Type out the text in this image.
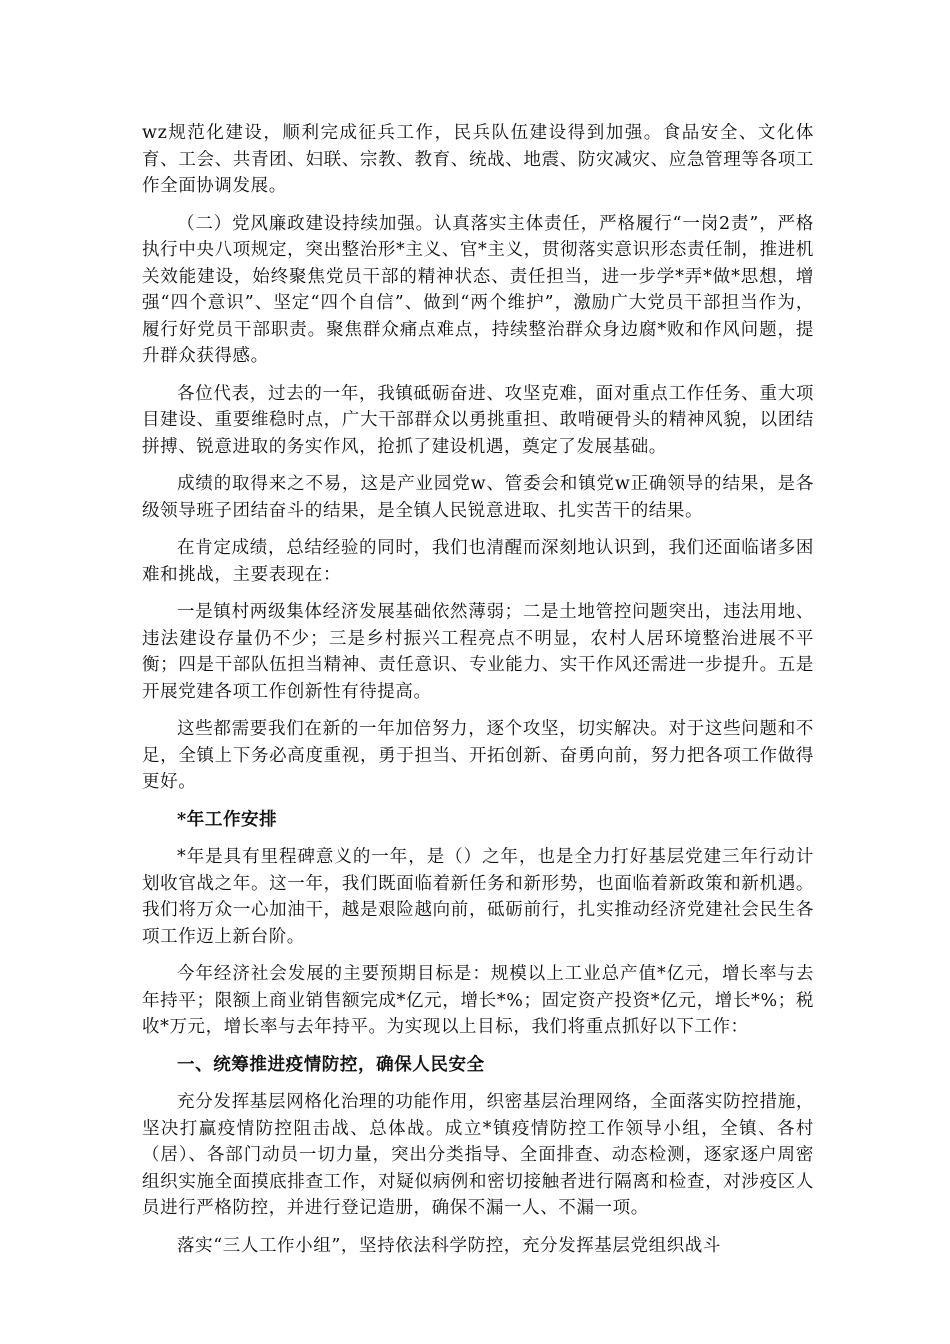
wz规范化建设，顺利完成征兵工作，民兵队伍建设得到加强。食品安全、文化体育、工会、共青团、妇联、宗教、教育、统战、地震、防灾减灾、应急管理等各项工作全面协调发展。

（二）党风廉政建设持续加强。认真落实主体责任，严格履行“一岗2责”，严格执行中央八项规定，突出整治形*主义、官*主义，贯彻落实意识形态责任制，推进机关效能建设，始终聚焦党员干部的精神状态、责任担当，进一步学*弄*做*思想，增强“四个意识”、坚定“四个自信”、做到“两个维护”，激励广大党员干部担当作为，履行好党员干部职责。聚焦群众痛点难点，持续整治群众身边腐*败和作风问题，提升群众获得感。

各位代表，过去的一年，我镇砥砺奋进、攻坚克难，面对重点工作任务、重大项目建设、重要维稳时点，广大干部群众以勇挑重担、敢啃硬骨头的精神风貌，以团结拼搏、锐意进取的务实作风，抢抓了建设机遇，奠定了发展基础。

成绩的取得来之不易，这是产业园党w、管委会和镇党w正确领导的结果，是各级领导班子团结奋斗的结果，是全镇人民锐意进取、扎实苦干的结果。

在肯定成绩，总结经验的同时，我们也清醒而深刻地认识到，我们还面临诸多困难和挑战，主要表现在：

一是镇村两级集体经济发展基础依然薄弱；二是土地管控问题突出，违法用地、违法建设存量仍不少；三是乡村振兴工程亮点不明显，农村人居环境整治进展不平衡；四是干部队伍担当精神、责任意识、专业能力、实干作风还需进一步提升。五是开展党建各项工作创新性有待提高。

这些都需要我们在新的一年加倍努力，逐个攻坚，切实解决。对于这些问题和不足，全镇上下务必高度重视，勇于担当、开拓创新、奋勇向前，努力把各项工作做得更好。

*年工作安排

*年是具有里程碑意义的一年，是（）之年，也是全力打好基层党建三年行动计划收官战之年。这一年，我们既面临着新任务和新形势，也面临着新政策和新机遇。我们将万众一心加油干，越是艰险越向前，砥砺前行，扎实推动经济党建社会民生各项工作迈上新台阶。

今年经济社会发展的主要预期目标是：规模以上工业总产值*亿元，增长率与去年持平；限额上商业销售额完成*亿元，增长*%；固定资产投资*亿元，增长*%；税收*万元，增长率与去年持平。为实现以上目标，我们将重点抓好以下工作：

一、统筹推进疫情防控，确保人民安全

充分发挥基层网格化治理的功能作用，织密基层治理网络，全面落实防控措施，坚决打赢疫情防控阻击战、总体战。成立*镇疫情防控工作领导小组，全镇、各村（居）、各部门动员一切力量，突出分类指导、全面排查、动态检测，逐家逐户周密组织实施全面摸底排查工作，对疑似病例和密切接触者进行隔离和检查，对涉疫区人员进行严格防控，并进行登记造册，确保不漏一人、不漏一项。

落实“三人工作小组”，坚持依法科学防控，充分发挥基层党组织战斗
